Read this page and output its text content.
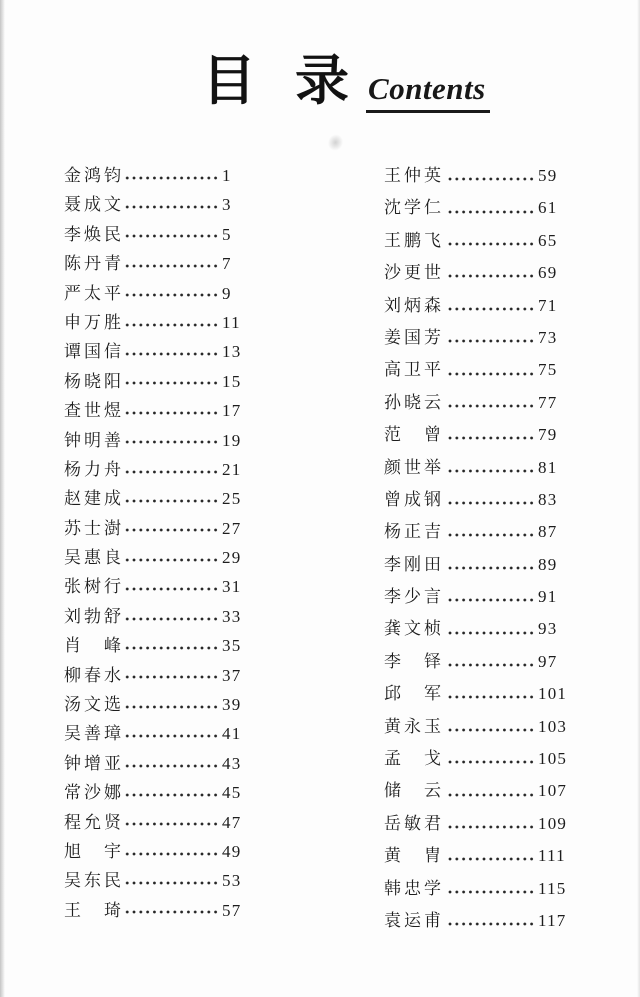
目 录 Contents
金鸿钧	1
聂成文	3
李焕民	5
陈丹青	7
严太平	9
申万胜	11
谭国信	13
杨晓阳	15
查世煜	17
钟明善	19
杨力舟	21
赵建成	25
苏士澍	27
吴惠良	29
张树行	31
刘勃舒	33
肖　峰	35
柳春水	37
汤文选	39
吴善璋	41
钟增亚	43
常沙娜	45
程允贤	47
旭　宇	49
吴东民	53
王　琦	57
王仲英	59
沈学仁	61
王鹏飞	65
沙更世	69
刘炳森	71
姜国芳	73
高卫平	75
孙晓云	77
范　曾	79
颜世举	81
曾成钢	83
杨正吉	87
李刚田	89
李少言	91
龚文桢	93
李　铎	97
邱　军	101
黄永玉	103
孟　戈	105
储　云	107
岳敏君	109
黄　胄	111
韩忠学	115
袁运甫	117
